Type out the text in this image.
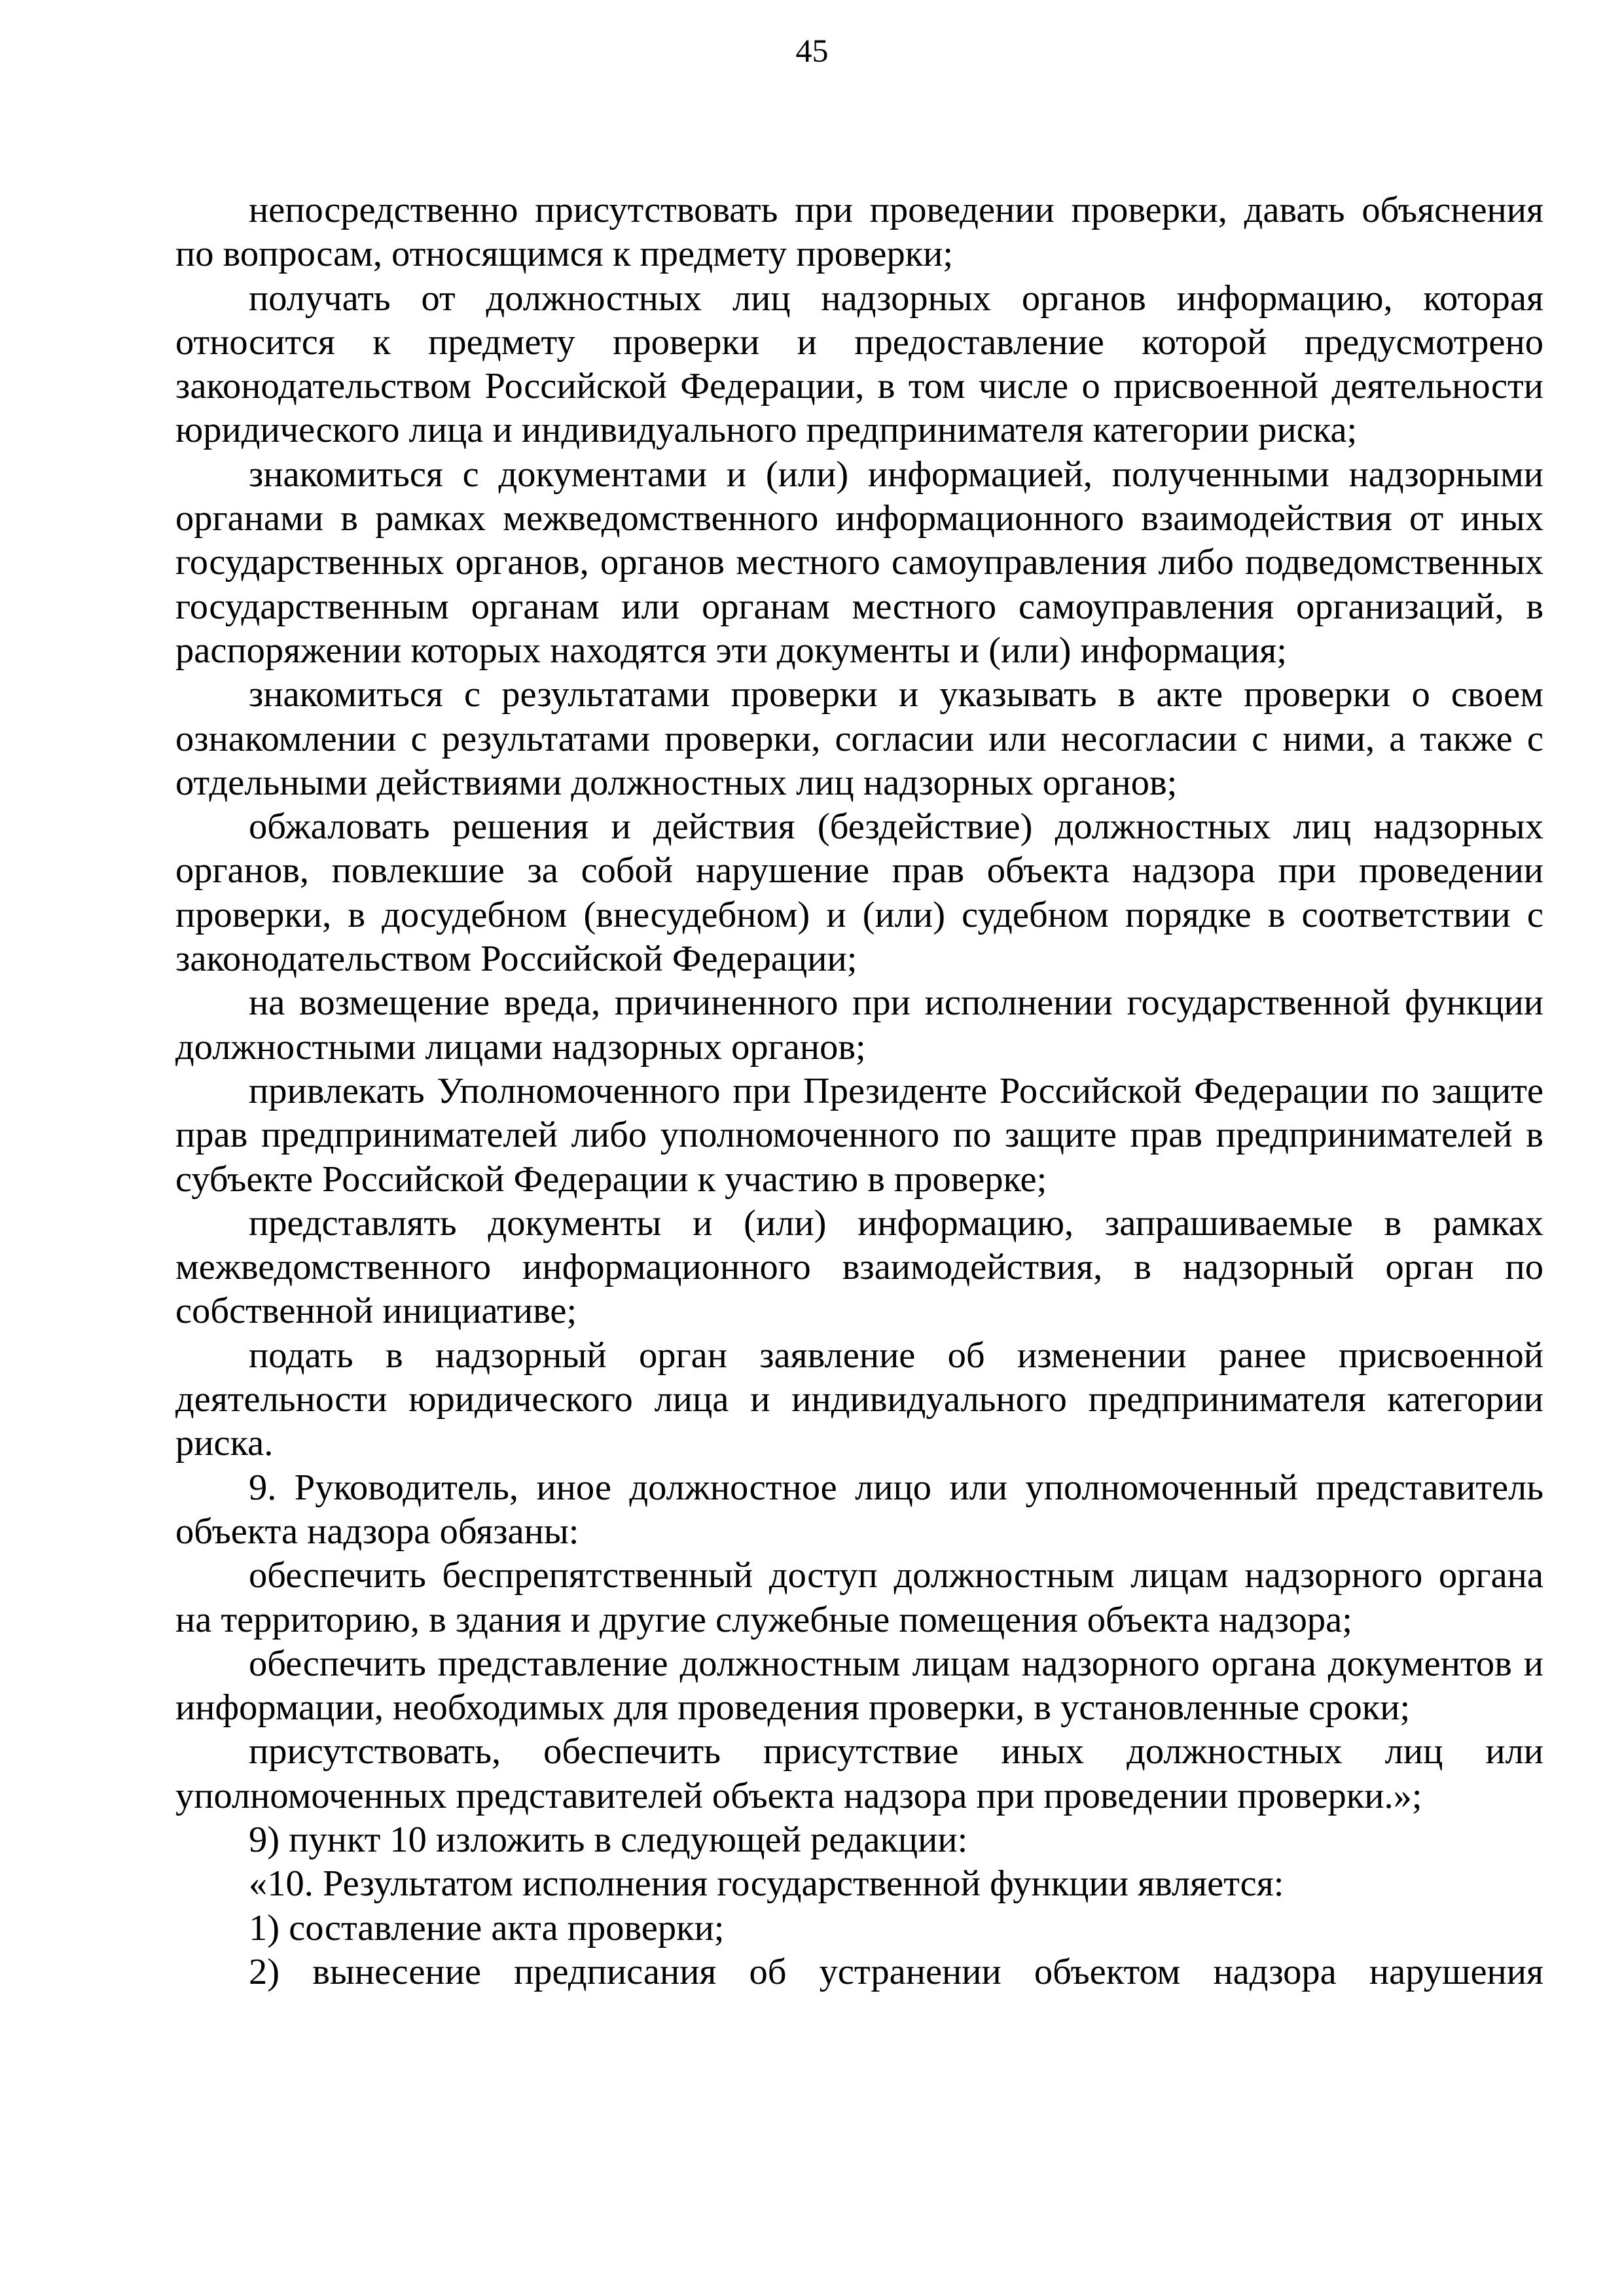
45

непосредственно присутствовать при проведении проверки, давать объяснения по вопросам, относящимся к предмету проверки;

получать от должностных лиц надзорных органов информацию, которая относится к предмету проверки и предоставление которой предусмотрено законодательством Российской Федерации, в том числе о присвоенной деятельности юридического лица и индивидуального предпринимателя категории риска;

знакомиться с документами и (или) информацией, полученными надзорными органами в рамках межведомственного информационного взаимодействия от иных государственных органов, органов местного самоуправления либо подведомственных государственным органам или органам местного самоуправления организаций, в распоряжении которых находятся эти документы и (или) информация;

знакомиться с результатами проверки и указывать в акте проверки о своем ознакомлении с результатами проверки, согласии или несогласии с ними, а также с отдельными действиями должностных лиц надзорных органов;

обжаловать решения и действия (бездействие) должностных лиц надзорных органов, повлекшие за собой нарушение прав объекта надзора при проведении проверки, в досудебном (внесудебном) и (или) судебном порядке в соответствии с законодательством Российской Федерации;

на возмещение вреда, причиненного при исполнении государственной функции должностными лицами надзорных органов;

привлекать Уполномоченного при Президенте Российской Федерации по защите прав предпринимателей либо уполномоченного по защите прав предпринимателей в субъекте Российской Федерации к участию в проверке;

представлять документы и (или) информацию, запрашиваемые в рамках межведомственного информационного взаимодействия, в надзорный орган по собственной инициативе;

подать в надзорный орган заявление об изменении ранее присвоенной деятельности юридического лица и индивидуального предпринимателя категории риска.

9. Руководитель, иное должностное лицо или уполномоченный представитель объекта надзора обязаны:

обеспечить беспрепятственный доступ должностным лицам надзорного органа на территорию, в здания и другие служебные помещения объекта надзора;

обеспечить представление должностным лицам надзорного органа документов и информации, необходимых для проведения проверки, в установленные сроки;

присутствовать, обеспечить присутствие иных должностных лиц или уполномоченных представителей объекта надзора при проведении проверки.»;

9) пункт 10 изложить в следующей редакции:

«10. Результатом исполнения государственной функции является:

1) составление акта проверки;

2) вынесение предписания об устранении объектом надзора нарушения
